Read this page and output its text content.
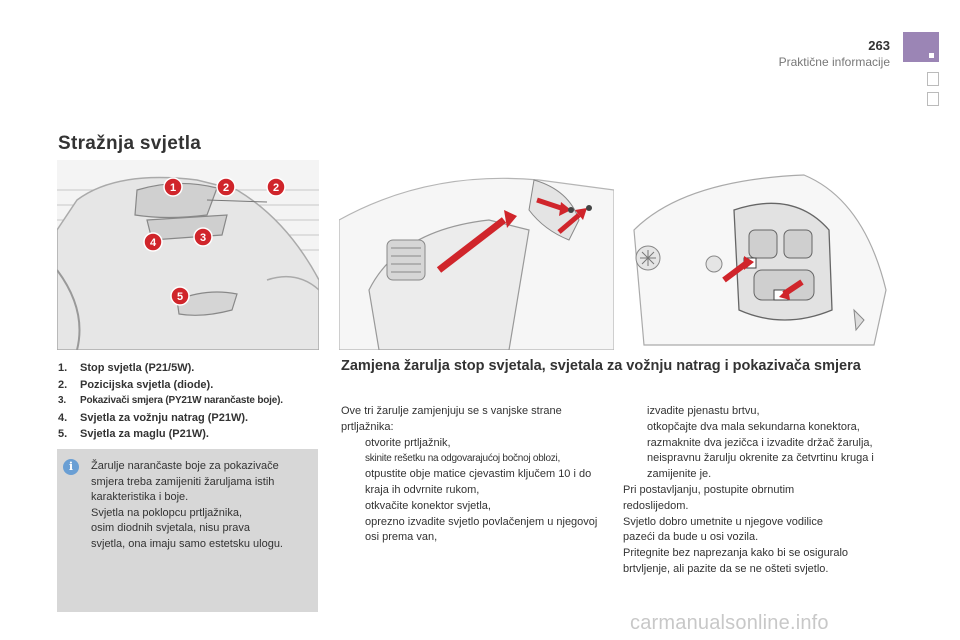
263
Praktične informacije
Stražnja svjetla
1	2	2
3
4
5
1. Stop svjetla (P21/5W).
2. Pozicijska svjetla (diode).
3. Pokazivači smjera (PY21W narančaste boje).
4. Svjetla za vožnju natrag (P21W).
5. Svjetla za maglu (P21W).
i	Žarulje narančaste boje za pokazivače
smjera treba zamijeniti žaruljama istih
karakteristika i boje.
Svjetla na poklopcu prtljažnika,
osim diodnih svjetala, nisu prava
svjetla, ona imaju samo estetsku ulogu.
Zamjena žarulja stop svjetala, svjetala za vožnju natrag i pokazivača smjera
Ove tri žarulje zamjenjuju se s vanjske strane
prtljažnika:
otvorite prtljažnik,
skinite rešetku na odgovarajućoj bočnoj oblozi,
otpustite obje matice cjevastim ključem 10 i do kraja ih odvrnite rukom,
otkvačite konektor svjetla,
oprezno izvadite svjetlo povlačenjem u njegovoj osi prema van,
izvadite pjenastu brtvu,
otkopčajte dva mala sekundarna konektora,
razmaknite dva jezičca i izvadite držač žarulja,
neispravnu žarulju okrenite za četvrtinu kruga i zamijenite je.
Pri postavljanju, postupite obrnutim
redoslijedom.
Svjetlo dobro umetnite u njegove vodilice
pazeći da bude u osi vozila.
Pritegnite bez naprezanja kako bi se osiguralo
brtvljenje, ali pazite da se ne ošteti svjetlo.
carmanualsonline.info
